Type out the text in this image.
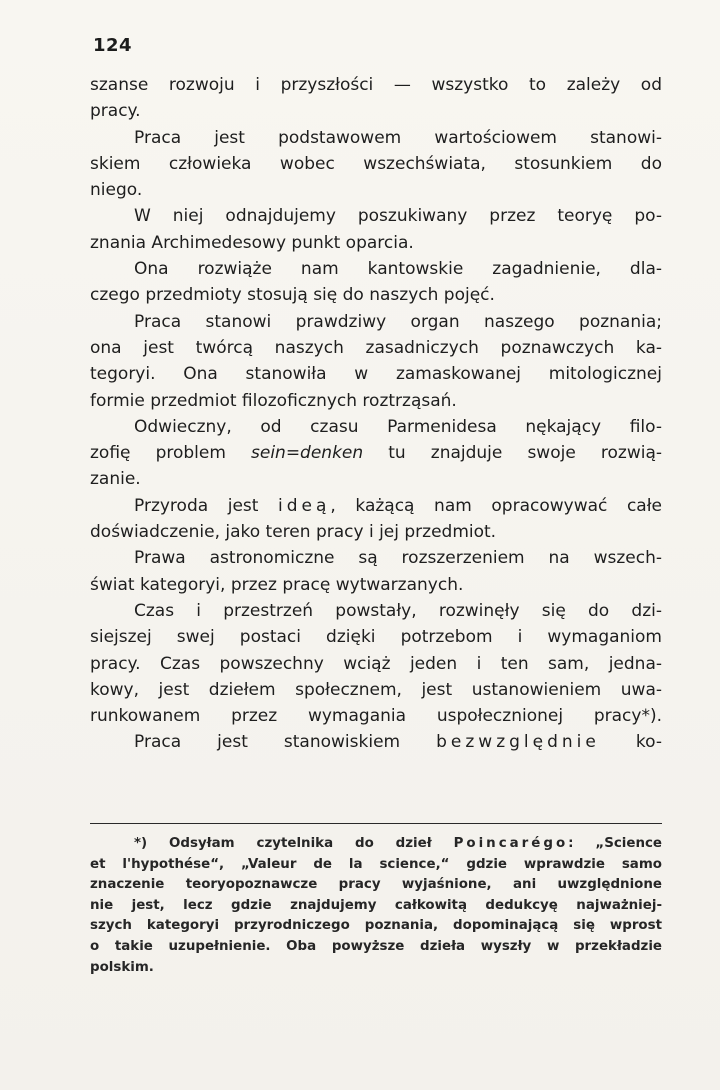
124

szanse rozwoju i przyszłości — wszystko to zależy od
pracy.

Praca jest podstawowem wartościowem stanowi-
skiem człowieka wobec wszechświata, stosunkiem do
niego.

W niej odnajdujemy poszukiwany przez teoryę po-
znania Archimedesowy punkt oparcia.

Ona rozwiąże nam kantowskie zagadnienie, dla-
czego przedmioty stosują się do naszych pojęć.

Praca stanowi prawdziwy organ naszego poznania;
ona jest twórcą naszych zasadniczych poznawczych ka-
tegoryi. Ona stanowiła w zamaskowanej mitologicznej
formie przedmiot filozoficznych roztrząsań.

Odwieczny, od czasu Parmenidesa nękający filo-
zofię problem sein=denken tu znajduje swoje rozwią-
zanie.

Przyroda jest ideą, każącą nam opracowywać całe
doświadczenie, jako teren pracy i jej przedmiot.

Prawa astronomiczne są rozszerzeniem na wszech-
świat kategoryi, przez pracę wytwarzanych.

Czas i przestrzeń powstały, rozwinęły się do dzi-
siejszej swej postaci dzięki potrzebom i wymaganiom
pracy. Czas powszechny wciąż jeden i ten sam, jedna-
kowy, jest dziełem społecznem, jest ustanowieniem uwa-
runkowanem przez wymagania uspołecznionej pracy*).

Praca jest stanowiskiem bezwzględnie ko-

*) Odsyłam czytelnika do dzieł Poincarégo: „Science
et l'hypothése“, „Valeur de la science,“ gdzie wprawdzie samo
znaczenie teoryopoznawcze pracy wyjaśnione, ani uwzględnione
nie jest, lecz gdzie znajdujemy całkowitą dedukcyę najważniej-
szych kategoryi przyrodniczego poznania, dopominającą się wprost
o takie uzupełnienie. Oba powyższe dzieła wyszły w przekładzie
polskim.
